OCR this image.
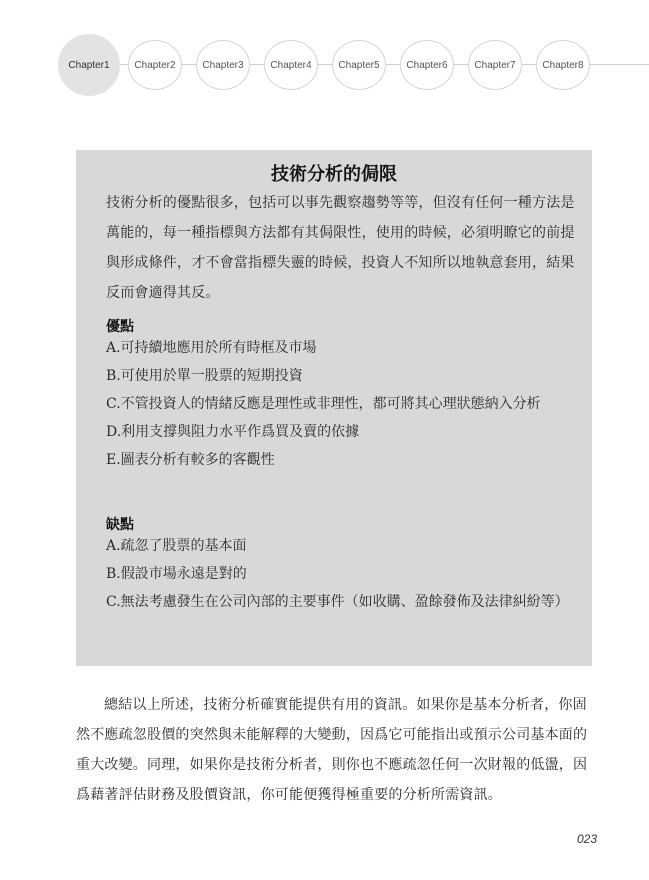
Chapter1	Chapter2	Chapter3	Chapter4	Chapter5	Chapter6	Chapter7	Chapter8
技術分析的侷限
技術分析的優點很多，包括可以事先觀察趨勢等等，但沒有任何一種方法是萬能的，每一種指標與方法都有其侷限性，使用的時候，必須明瞭它的前提與形成條件，才不會當指標失靈的時候，投資人不知所以地執意套用，結果反而會適得其反。
優點
A.可持續地應用於所有時框及市場
B.可使用於單一股票的短期投資
C.不管投資人的情緒反應是理性或非理性，都可將其心理狀態納入分析
D.利用支撐與阻力水平作爲買及賣的依據
E.圖表分析有較多的客觀性
缺點
A.疏忽了股票的基本面
B.假設市場永遠是對的
C.無法考慮發生在公司內部的主要事件（如收購、盈餘發佈及法律糾紛等）
總結以上所述，技術分析確實能提供有用的資訊。如果你是基本分析者，你固然不應疏忽股價的突然與未能解釋的大變動，因爲它可能指出或預示公司基本面的重大改變。同理，如果你是技術分析者，則你也不應疏忽任何一次財報的低盪，因爲藉著評估財務及股價資訊，你可能便獲得極重要的分析所需資訊。
023
